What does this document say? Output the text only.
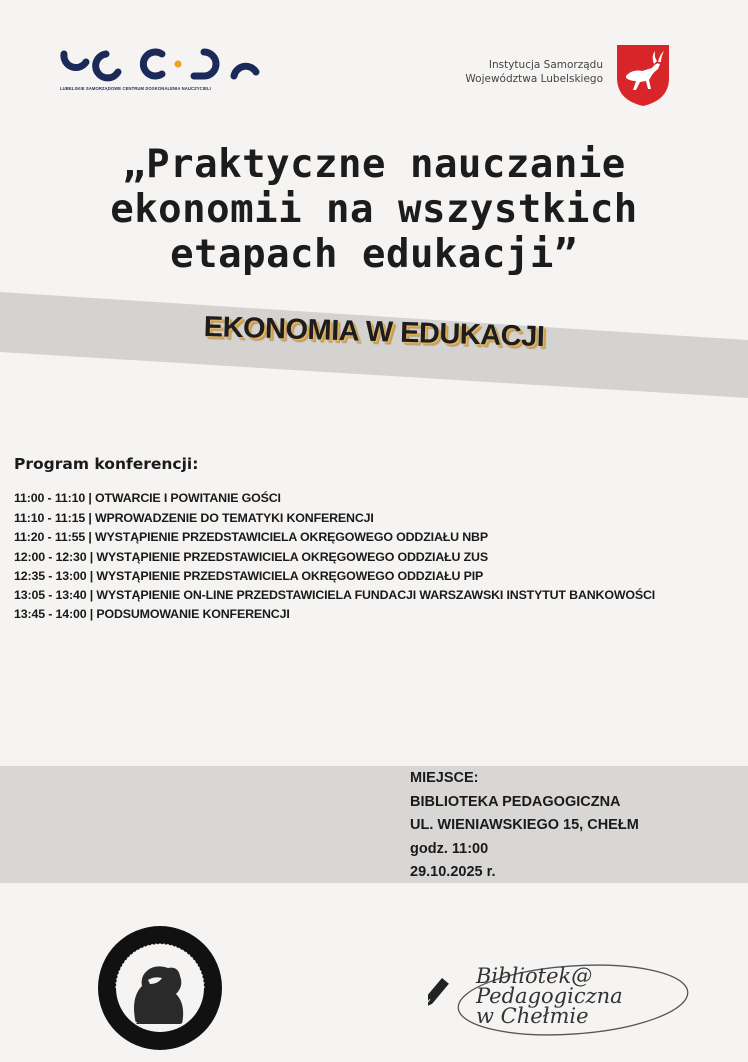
LUBELSKIE SAMORZĄDOWE CENTRUM DOSKONALENIA NAUCZYCIELI
Instytucja Samorządu
Województwa Lubelskiego
„Praktyczne nauczanie
ekonomii na wszystkich
etapach edukacji”
EKONOMIA W EDUKACJI
Program konferencji:
11:00 - 11:10 | OTWARCIE I POWITANIE GOŚCI
11:10 - 11:15 | WPROWADZENIE DO TEMATYKI KONFERENCJI
11:20 - 11:55 | WYSTĄPIENIE PRZEDSTAWICIELA OKRĘGOWEGO ODDZIAŁU NBP
12:00 - 12:30 | WYSTĄPIENIE PRZEDSTAWICIELA OKRĘGOWEGO ODDZIAŁU ZUS
12:35 - 13:00 | WYSTĄPIENIE PRZEDSTAWICIELA OKRĘGOWEGO ODDZIAŁU PIP
13:05 - 13:40 | WYSTĄPIENIE ON-LINE PRZEDSTAWICIELA FUNDACJI WARSZAWSKI INSTYTUT BANKOWOŚCI
13:45 - 14:00 | PODSUMOWANIE KONFERENCJI
MIEJSCE:
BIBLIOTEKA PEDAGOGICZNA
UL. WIENIAWSKIEGO 15, CHEŁM
godz. 11:00
29.10.2025 r.
Bibliotek@
Pedagogiczna
w Chełmie
